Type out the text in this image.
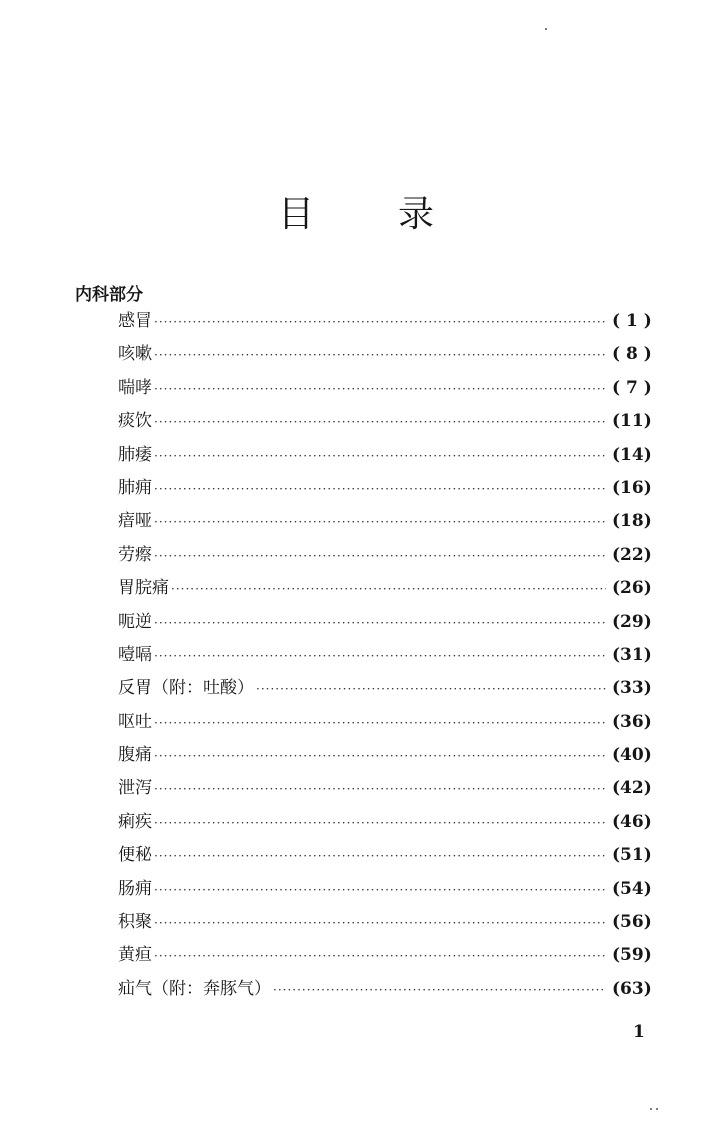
目 录
内科部分
感冒 ·····	( 1 )
咳嗽 ·····	( 8 )
喘哮 ·····	( 7 )
痰饮 ·····	(11)
肺痿 ·····	(14)
肺痈 ·····	(16)
瘖哑 ·····	(18)
劳瘵 ·····	(22)
胃脘痛 ·····	(26)
呃逆 ·····	(29)
噎嗝 ·····	(31)
反胃（附：吐酸） ·····	(33)
呕吐 ·····	(36)
腹痛 ·····	(40)
泄泻 ·····	(42)
痢疾 ·····	(46)
便秘 ·····	(51)
肠痈 ·····	(54)
积聚 ·····	(56)
黄疸 ·····	(59)
疝气（附：奔豚气） ·····	(63)
1
